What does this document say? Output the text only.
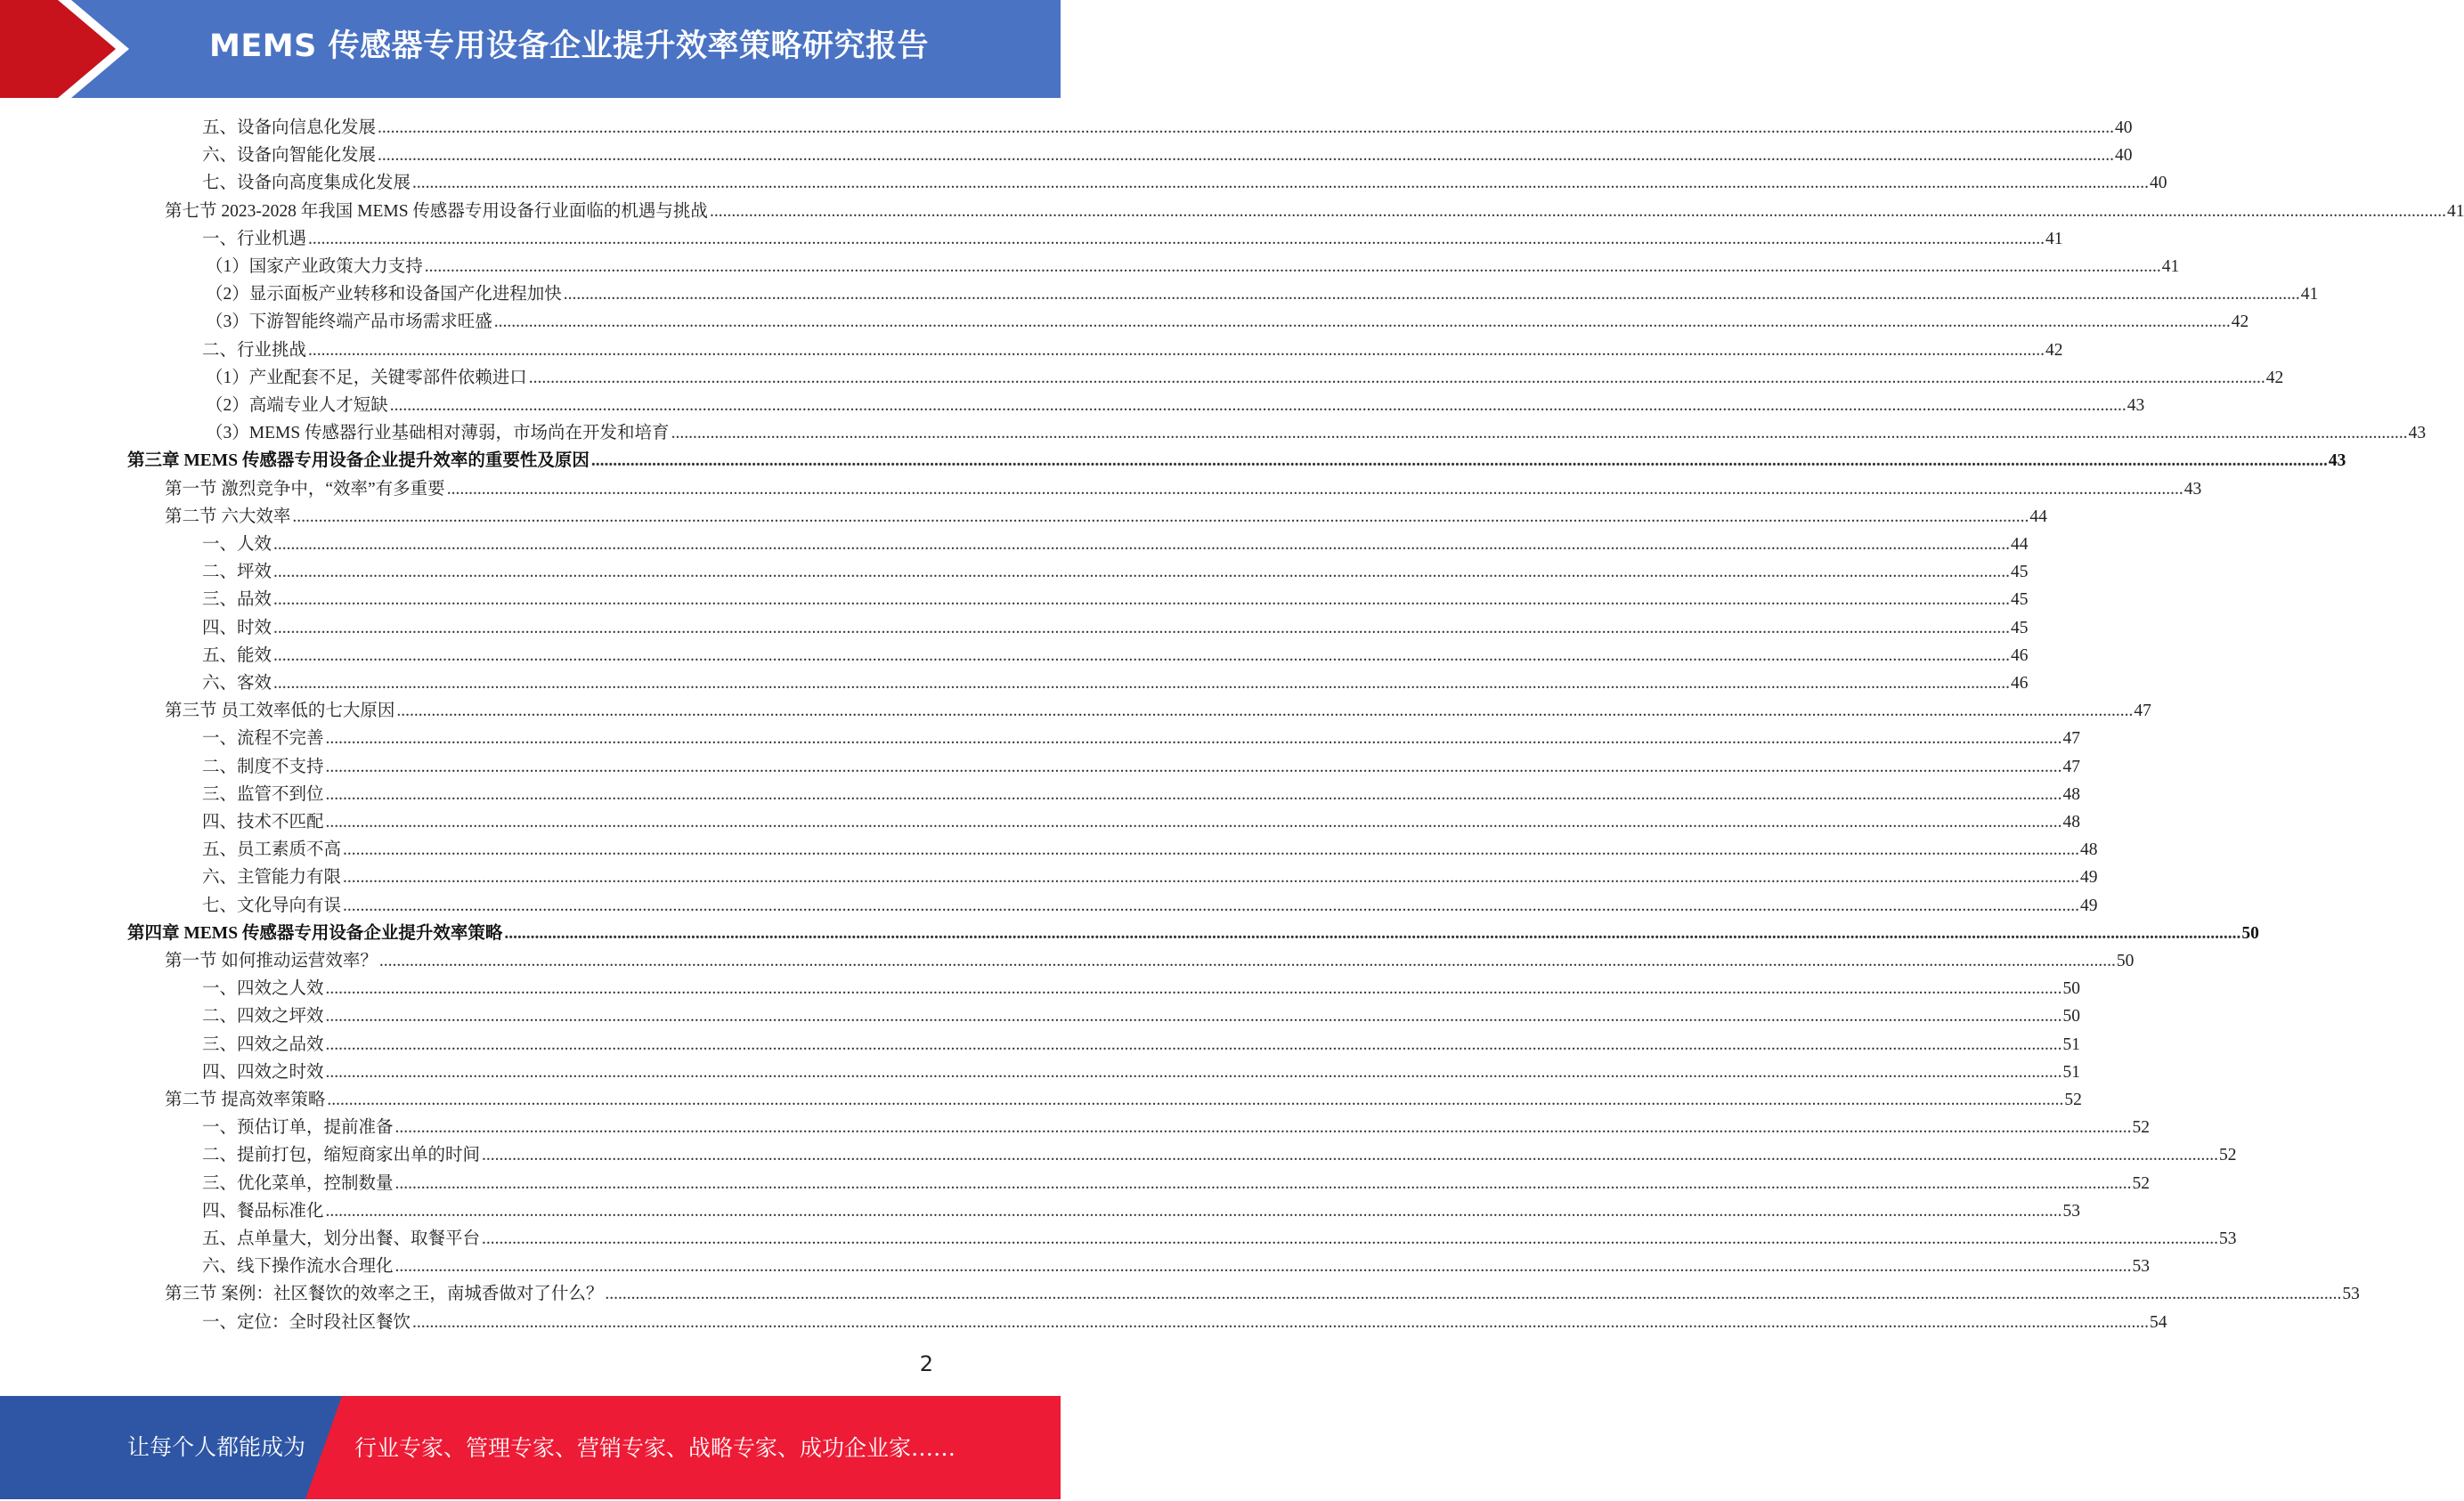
MEMS 传感器专用设备企业提升效率策略研究报告
五、设备向信息化发展 ................................................................................................................................................................................................................................................................................................................................................................................................................ 40
六、设备向智能化发展 ................................................................................................................................................................................................................................................................................................................................................................................................................ 40
七、设备向高度集成化发展 ................................................................................................................................................................................................................................................................................................................................................................................................................ 40
第七节 2023-2028 年我国 MEMS 传感器专用设备行业面临的机遇与挑战 ................................................................................................................................................................................................................................................................................................................................................................................................................ 41
一、行业机遇 ................................................................................................................................................................................................................................................................................................................................................................................................................ 41
（1）国家产业政策大力支持 ................................................................................................................................................................................................................................................................................................................................................................................................................ 41
（2）显示面板产业转移和设备国产化进程加快 ................................................................................................................................................................................................................................................................................................................................................................................................................ 41
（3）下游智能终端产品市场需求旺盛 ................................................................................................................................................................................................................................................................................................................................................................................................................ 42
二、行业挑战 ................................................................................................................................................................................................................................................................................................................................................................................................................ 42
（1）产业配套不足，关键零部件依赖进口 ................................................................................................................................................................................................................................................................................................................................................................................................................ 42
（2）高端专业人才短缺 ................................................................................................................................................................................................................................................................................................................................................................................................................ 43
（3）MEMS 传感器行业基础相对薄弱，市场尚在开发和培育 ................................................................................................................................................................................................................................................................................................................................................................................................................ 43
第三章 MEMS 传感器专用设备企业提升效率的重要性及原因 ................................................................................................................................................................................................................................................................................................................................................................................................................ 43
第一节 激烈竞争中，“效率”有多重要 ................................................................................................................................................................................................................................................................................................................................................................................................................ 43
第二节 六大效率 ................................................................................................................................................................................................................................................................................................................................................................................................................ 44
一、人效 ................................................................................................................................................................................................................................................................................................................................................................................................................ 44
二、坪效 ................................................................................................................................................................................................................................................................................................................................................................................................................ 45
三、品效 ................................................................................................................................................................................................................................................................................................................................................................................................................ 45
四、时效 ................................................................................................................................................................................................................................................................................................................................................................................................................ 45
五、能效 ................................................................................................................................................................................................................................................................................................................................................................................................................ 46
六、客效 ................................................................................................................................................................................................................................................................................................................................................................................................................ 46
第三节 员工效率低的七大原因 ................................................................................................................................................................................................................................................................................................................................................................................................................ 47
一、流程不完善 ................................................................................................................................................................................................................................................................................................................................................................................................................ 47
二、制度不支持 ................................................................................................................................................................................................................................................................................................................................................................................................................ 47
三、监管不到位 ................................................................................................................................................................................................................................................................................................................................................................................................................ 48
四、技术不匹配 ................................................................................................................................................................................................................................................................................................................................................................................................................ 48
五、员工素质不高 ................................................................................................................................................................................................................................................................................................................................................................................................................ 48
六、主管能力有限 ................................................................................................................................................................................................................................................................................................................................................................................................................ 49
七、文化导向有误 ................................................................................................................................................................................................................................................................................................................................................................................................................ 49
第四章 MEMS 传感器专用设备企业提升效率策略 ................................................................................................................................................................................................................................................................................................................................................................................................................ 50
第一节 如何推动运营效率？ ................................................................................................................................................................................................................................................................................................................................................................................................................ 50
一、四效之人效 ................................................................................................................................................................................................................................................................................................................................................................................................................ 50
二、四效之坪效 ................................................................................................................................................................................................................................................................................................................................................................................................................ 50
三、四效之品效 ................................................................................................................................................................................................................................................................................................................................................................................................................ 51
四、四效之时效 ................................................................................................................................................................................................................................................................................................................................................................................................................ 51
第二节 提高效率策略 ................................................................................................................................................................................................................................................................................................................................................................................................................ 52
一、预估订单，提前准备 ................................................................................................................................................................................................................................................................................................................................................................................................................ 52
二、提前打包，缩短商家出单的时间 ................................................................................................................................................................................................................................................................................................................................................................................................................ 52
三、优化菜单，控制数量 ................................................................................................................................................................................................................................................................................................................................................................................................................ 52
四、餐品标准化 ................................................................................................................................................................................................................................................................................................................................................................................................................ 53
五、点单量大，划分出餐、取餐平台 ................................................................................................................................................................................................................................................................................................................................................................................................................ 53
六、线下操作流水合理化 ................................................................................................................................................................................................................................................................................................................................................................................................................ 53
第三节 案例：社区餐饮的效率之王，南城香做对了什么？ ................................................................................................................................................................................................................................................................................................................................................................................................................ 53
一、定位：全时段社区餐饮 ................................................................................................................................................................................................................................................................................................................................................................................................................ 54
2
让每个人都能成为 行业专家、管理专家、营销专家、战略专家、成功企业家……
